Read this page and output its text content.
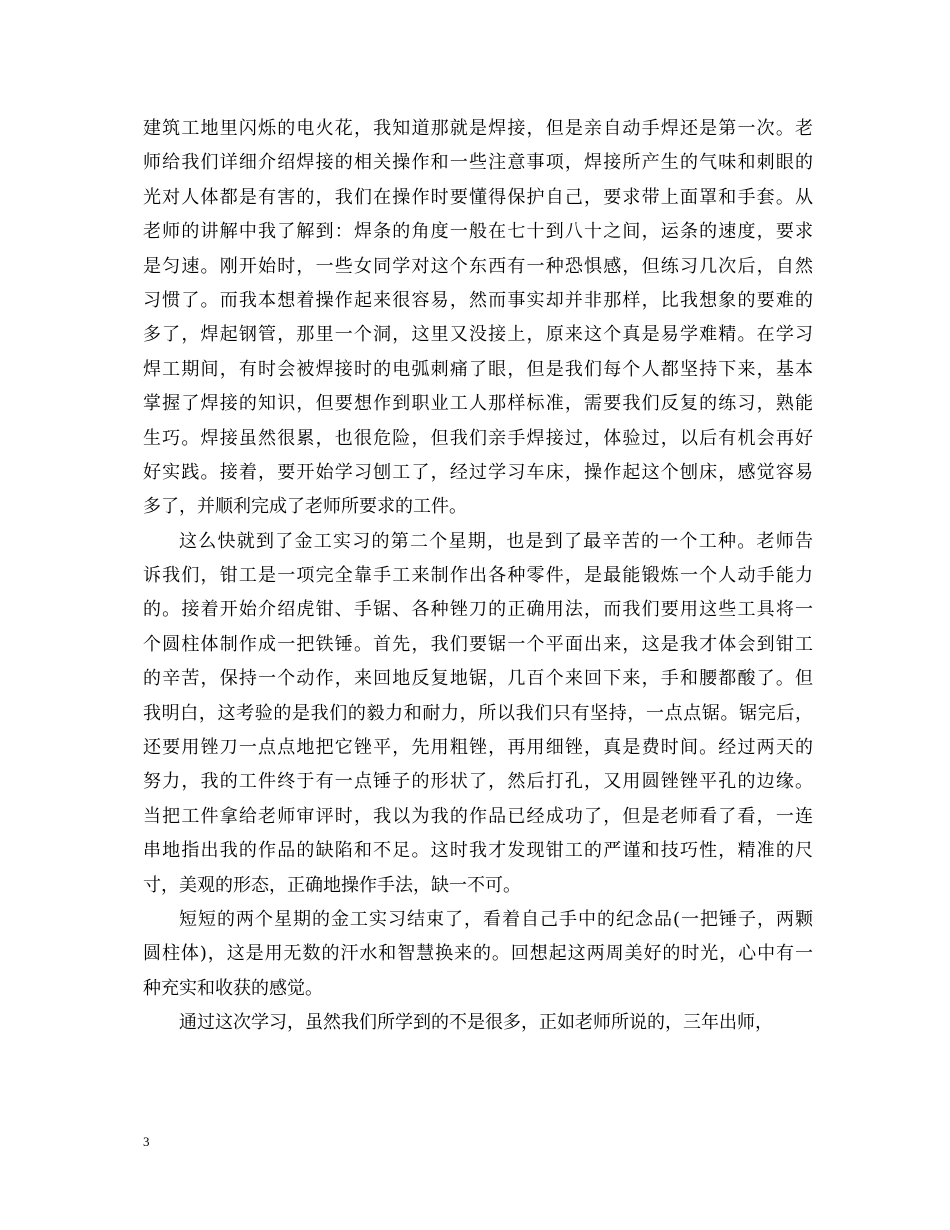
建筑工地里闪烁的电火花，我知道那就是焊接，但是亲自动手焊还是第一次。老
师给我们详细介绍焊接的相关操作和一些注意事项，焊接所产生的气味和刺眼的
光对人体都是有害的，我们在操作时要懂得保护自己，要求带上面罩和手套。从
老师的讲解中我了解到：焊条的角度一般在七十到八十之间，运条的速度，要求
是匀速。刚开始时，一些女同学对这个东西有一种恐惧感，但练习几次后，自然
习惯了。而我本想着操作起来很容易，然而事实却并非那样，比我想象的要难的
多了，焊起钢管，那里一个洞，这里又没接上，原来这个真是易学难精。在学习
焊工期间，有时会被焊接时的电弧刺痛了眼，但是我们每个人都坚持下来，基本
掌握了焊接的知识，但要想作到职业工人那样标准，需要我们反复的练习，熟能
生巧。焊接虽然很累，也很危险，但我们亲手焊接过，体验过，以后有机会再好
好实践。接着，要开始学习刨工了，经过学习车床，操作起这个刨床，感觉容易
多了，并顺利完成了老师所要求的工件。
这么快就到了金工实习的第二个星期，也是到了最辛苦的一个工种。老师告
诉我们，钳工是一项完全靠手工来制作出各种零件，是最能锻炼一个人动手能力
的。接着开始介绍虎钳、手锯、各种锉刀的正确用法，而我们要用这些工具将一
个圆柱体制作成一把铁锤。首先，我们要锯一个平面出来，这是我才体会到钳工
的辛苦，保持一个动作，来回地反复地锯，几百个来回下来，手和腰都酸了。但
我明白，这考验的是我们的毅力和耐力，所以我们只有坚持，一点点锯。锯完后，
还要用锉刀一点点地把它锉平，先用粗锉，再用细锉，真是费时间。经过两天的
努力，我的工件终于有一点锤子的形状了，然后打孔，又用圆锉锉平孔的边缘。
当把工件拿给老师审评时，我以为我的作品已经成功了，但是老师看了看，一连
串地指出我的作品的缺陷和不足。这时我才发现钳工的严谨和技巧性，精准的尺
寸，美观的形态，正确地操作手法，缺一不可。
短短的两个星期的金工实习结束了，看着自己手中的纪念品(一把锤子，两颗
圆柱体)，这是用无数的汗水和智慧换来的。回想起这两周美好的时光，心中有一
种充实和收获的感觉。
通过这次学习，虽然我们所学到的不是很多，正如老师所说的，三年出师，
3
